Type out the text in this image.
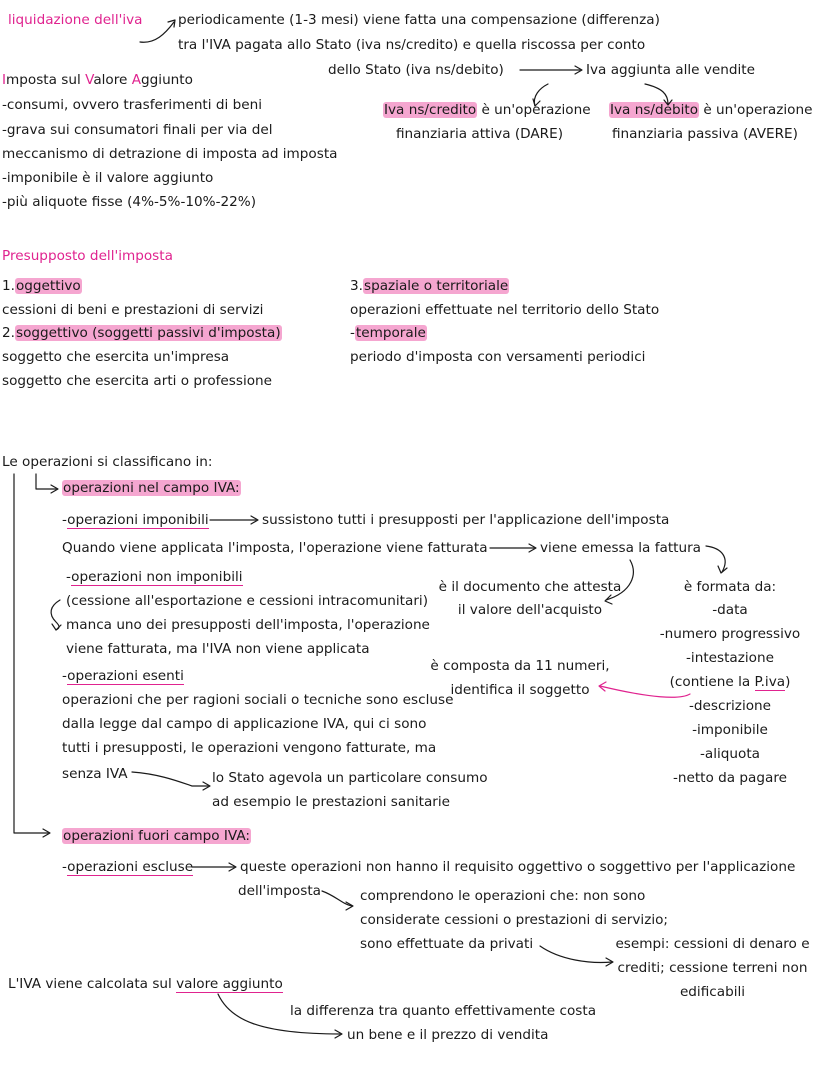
liquidazione dell'iva	periodicamente (1-3 mesi) viene fatta una compensazione (differenza)
tra l'IVA pagata allo Stato (iva ns/credito) e quella riscossa per conto
dello Stato (iva ns/debito)	Iva aggiunta alle vendite
Iva ns/credito è un'operazione
finanziaria attiva (DARE)
Iva ns/debito è un'operazione
finanziaria passiva (AVERE)
Imposta sul Valore Aggiunto
-consumi, ovvero trasferimenti di beni
-grava sui consumatori finali per via del
meccanismo di detrazione di imposta ad imposta
-imponibile è il valore aggiunto
-più aliquote fisse (4%-5%-10%-22%)
Presupposto dell'imposta
1.oggettivo
cessioni di beni e prestazioni di servizi
2.soggettivo (soggetti passivi d'imposta)
soggetto che esercita un'impresa
soggetto che esercita arti o professione
3.spaziale o territoriale
operazioni effettuate nel territorio dello Stato
-temporale
periodo d'imposta con versamenti periodici
Le operazioni si classificano in:
operazioni nel campo IVA:
-operazioni imponibili	sussistono tutti i presupposti per l'applicazione dell'imposta
Quando viene applicata l'imposta, l'operazione viene fatturata	viene emessa la fattura
-operazioni non imponibili
(cessione all'esportazione e cessioni intracomunitari)
manca uno dei presupposti dell'imposta, l'operazione
viene fatturata, ma l'IVA non viene applicata
-operazioni esenti
operazioni che per ragioni sociali o tecniche sono escluse
dalla legge dal campo di applicazione IVA, qui ci sono
tutti i presupposti, le operazioni vengono fatturate, ma
senza IVA	lo Stato agevola un particolare consumo
ad esempio le prestazioni sanitarie
è il documento che attesta
il valore dell'acquisto
è formata da:
-data
-numero progressivo
-intestazione
(contiene la P.iva)
-descrizione
-imponibile
-aliquota
-netto da pagare
è composta da 11 numeri,
identifica il soggetto
operazioni fuori campo IVA:
-operazioni escluse	queste operazioni non hanno il requisito oggettivo o soggettivo per l'applicazione
dell'imposta	comprendono le operazioni che: non sono
considerate cessioni o prestazioni di servizio;
sono effettuate da privati	esempi: cessioni di denaro e
crediti; cessione terreni non
edificabili
L'IVA viene calcolata sul valore aggiunto
la differenza tra quanto effettivamente costa
un bene e il prezzo di vendita
